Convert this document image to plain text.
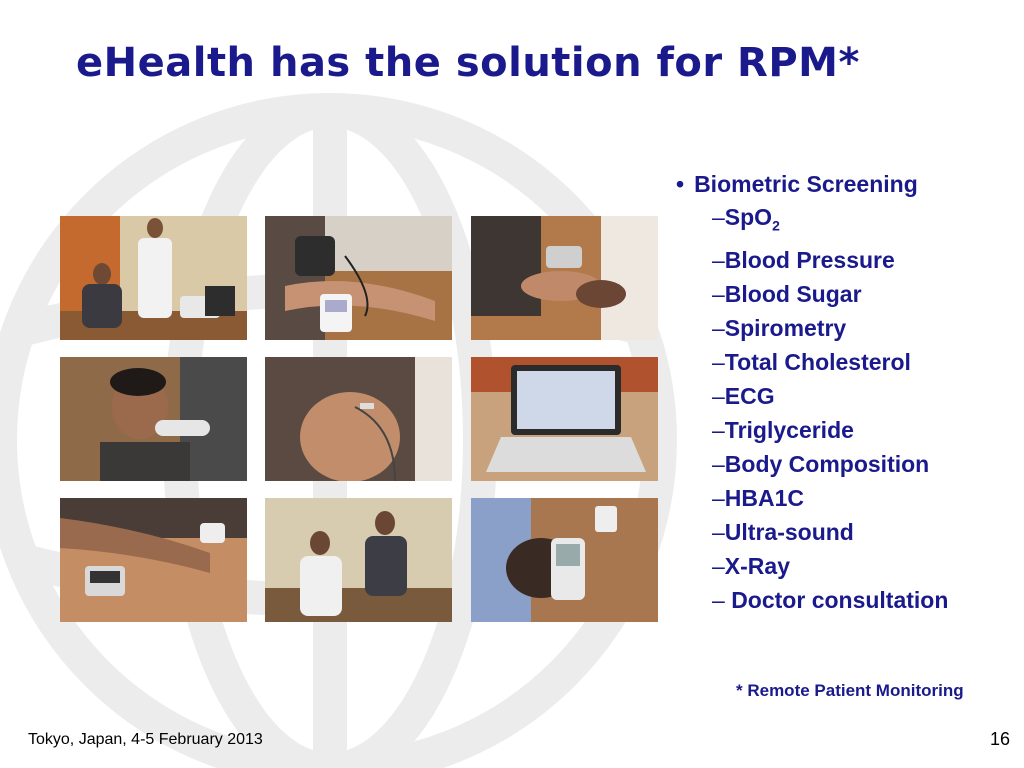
eHealth has the solution for RPM*
• Biometric Screening
–SpO$_2$
–Blood Pressure
–Blood Sugar
–Spirometry
–Total Cholesterol
–ECG
–Triglyceride
–Body Composition
–HBA1C
–Ultra-sound
–X-Ray
– Doctor consultation
* Remote Patient Monitoring
Tokyo, Japan, 4-5 February 2013	16
